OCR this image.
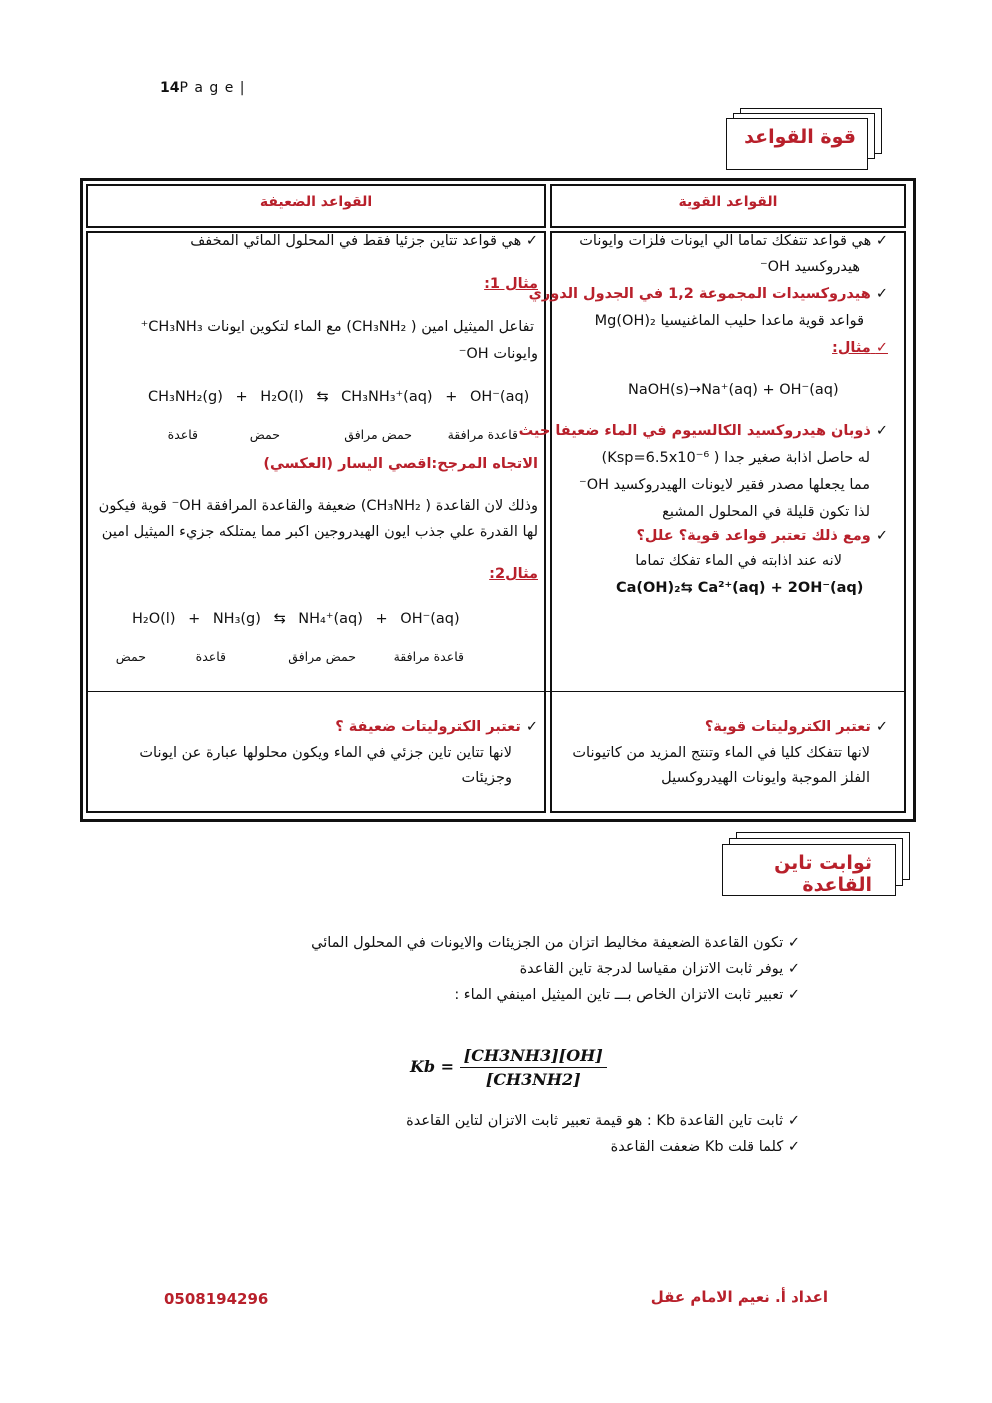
14P a g e |
قوة القواعد
القواعد الضعيفة	القواعد القوية
✓ هي قواعد تتفكك تماما الي ايونات فلزات وايونات
هيدروكسيد OH⁻
✓ هيدروكسيدات المجموعة 1,2 في الجدول الدوري
قواعد قوية ماعدا حليب الماغنيسيا Mg(OH)₂
✓ مثال:
NaOH(s)→Na⁺(aq) + OH⁻(aq)
✓ ذوبان هيدروكسيد الكالسيوم في الماء ضعيفا حيث
له حاصل اذابة صغير جدا ( Ksp=6.5x10⁻⁶)
مما يجعلها مصدر فقير لايونات الهيدروكسيد OH⁻
لذا تكون قليلة في المحلول المشبع
✓ ومع ذلك تعتبر قواعد قوية؟ علل؟
لانه عند اذابته في الماء تفكك تماما
Ca(OH)₂⇆ Ca²⁺(aq) + 2OH⁻(aq)
✓ تعتبر الكتروليتات قوية؟
لانها تتفكك كليا في الماء وتنتج المزيد من كاتيونات
الفلز الموجبة وايونات الهيدروكسيل
✓ هي قواعد تتاين جزئيا فقط في المحلول المائي المخفف
مثال 1:
تفاعل الميثيل امين ( CH₃NH₂) مع الماء لتكوين ايونات CH₃NH₃⁺
وايونات OH⁻
CH₃NH₂(g) + H₂O(l) ⇆ CH₃NH₃⁺(aq) + OH⁻(aq)
قاعدة	حمض	حمض مرافق	قاعدة مرافقة
الاتجاه المرجح:اقصي اليسار (العكسي)
وذلك لان القاعدة ( CH₃NH₂) ضعيفة والقاعدة المرافقة OH⁻ قوية فيكون
لها القدرة علي جذب ايون الهيدروجين اكبر مما يمتلكه جزيء الميثيل امين
مثال2:
H₂O(l) + NH₃(g) ⇆ NH₄⁺(aq) + OH⁻(aq)
حمض	قاعدة	حمض مرافق	قاعدة مرافقة
✓ تعتبر الكتروليتات ضعيفة ؟
لانها تتاين تاين جزئي في الماء ويكون محلولها عبارة عن ايونات
وجزيئات
ثوابت تاين القاعدة
✓ تكون القاعدة الضعيفة مخاليط اتزان من الجزيئات والايونات في المحلول المائي
✓ يوفر ثابت الاتزان مقياسا لدرجة تاين القاعدة
✓ تعبير ثابت الاتزان الخاص بـــ تاين الميثيل امينفي الماء :
$Kb = \frac{[CH3NH3][OH]}{[CH3NH2]}$
✓ ثابت تاين القاعدة Kb : هو قيمة تعبير ثابت الاتزان لتاين القاعدة
✓ كلما قلت Kb ضعفت القاعدة
0508194296	اعداد أ. نعيم الامام عقل
